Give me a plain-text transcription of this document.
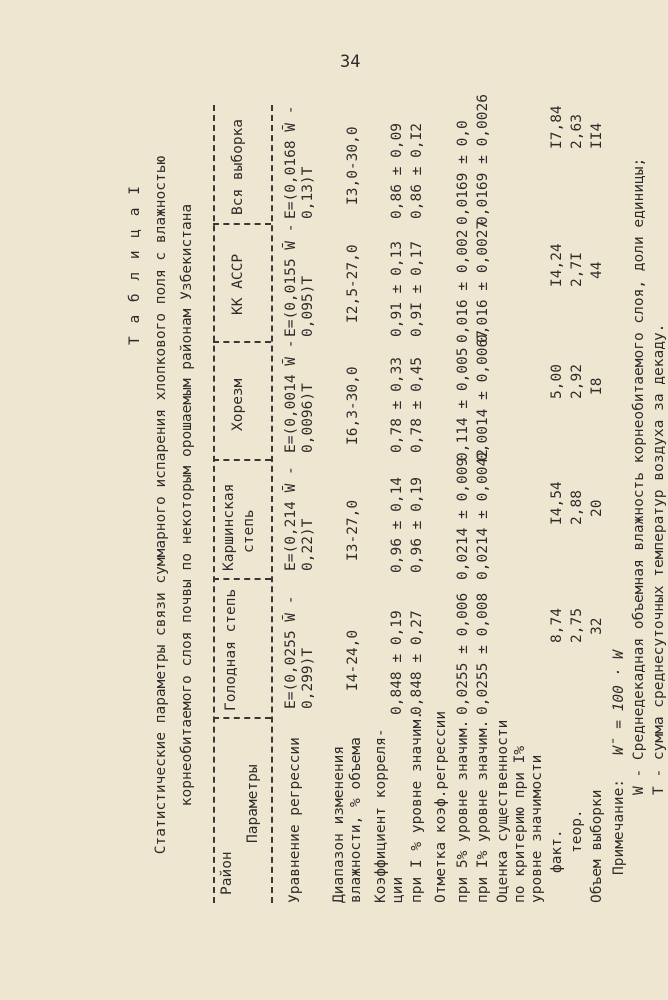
34
Т а б л и ц а I Статистические параметры связи суммарного испарения хлопкового поля с влажностью корнеобитаемого слоя почвы по некоторым орошаемым районам Узбекистана
Район
Параметры
Голодная степь
Каршинская степь
Хорезм
КК АССР
Вся выборка
Уравнение регрессии
E=(0,0255 W̄ - 0,299)T
E=(0,214 W̄ - 0,22)T
E=(0,0014 W̄ - 0,0096)T
E=(0,0155 W̄ - 0,095)T
E=(0,0168 W̄ - 0,13)T
Диапазон изменения влажности, % объема
I4-24,0
I3-27,0
I6,3-30,0
I2,5-27,0
I3,0-30,0
Коэффициент корреля- ции
0,848 ± 0,19
0,96 ± 0,14
0,78 ± 0,33
0,91 ± 0,13
0,86 ± 0,09
при I % уровне значим.
0,848 ± 0,27
0,96 ± 0,19
0,78 ± 0,45
0,9I ± 0,17
0,86 ± 0,I2
Отметка коэф.регрессии при 5% уровне значим.
0,0255 ± 0,006
0,0214 ± 0,009
0,114 ± 0,005
0,016 ± 0,002
0,0169 ± 0,0
при I% уровне значим.
0,0255 ± 0,008
0,0214 ± 0,0042
0,0014 ± 0,0067
0,016 ± 0,0027
0,0169 ± 0,0026
Оценка существенности по критерию при I% уровне значимости факт.
8,74
I4,54
5,00
I4,24
I7,84
теор.
2,75
2,88
2,92
2,7I
2,63
Объем выборки
32
20
I8
44
II4
Примечание:
W̄ = 100 · W W - Среднедекадная объемная влажность корнеобитаемого слоя, доли единицы; T - сумма среднесуточных температур воздуха за декаду.
